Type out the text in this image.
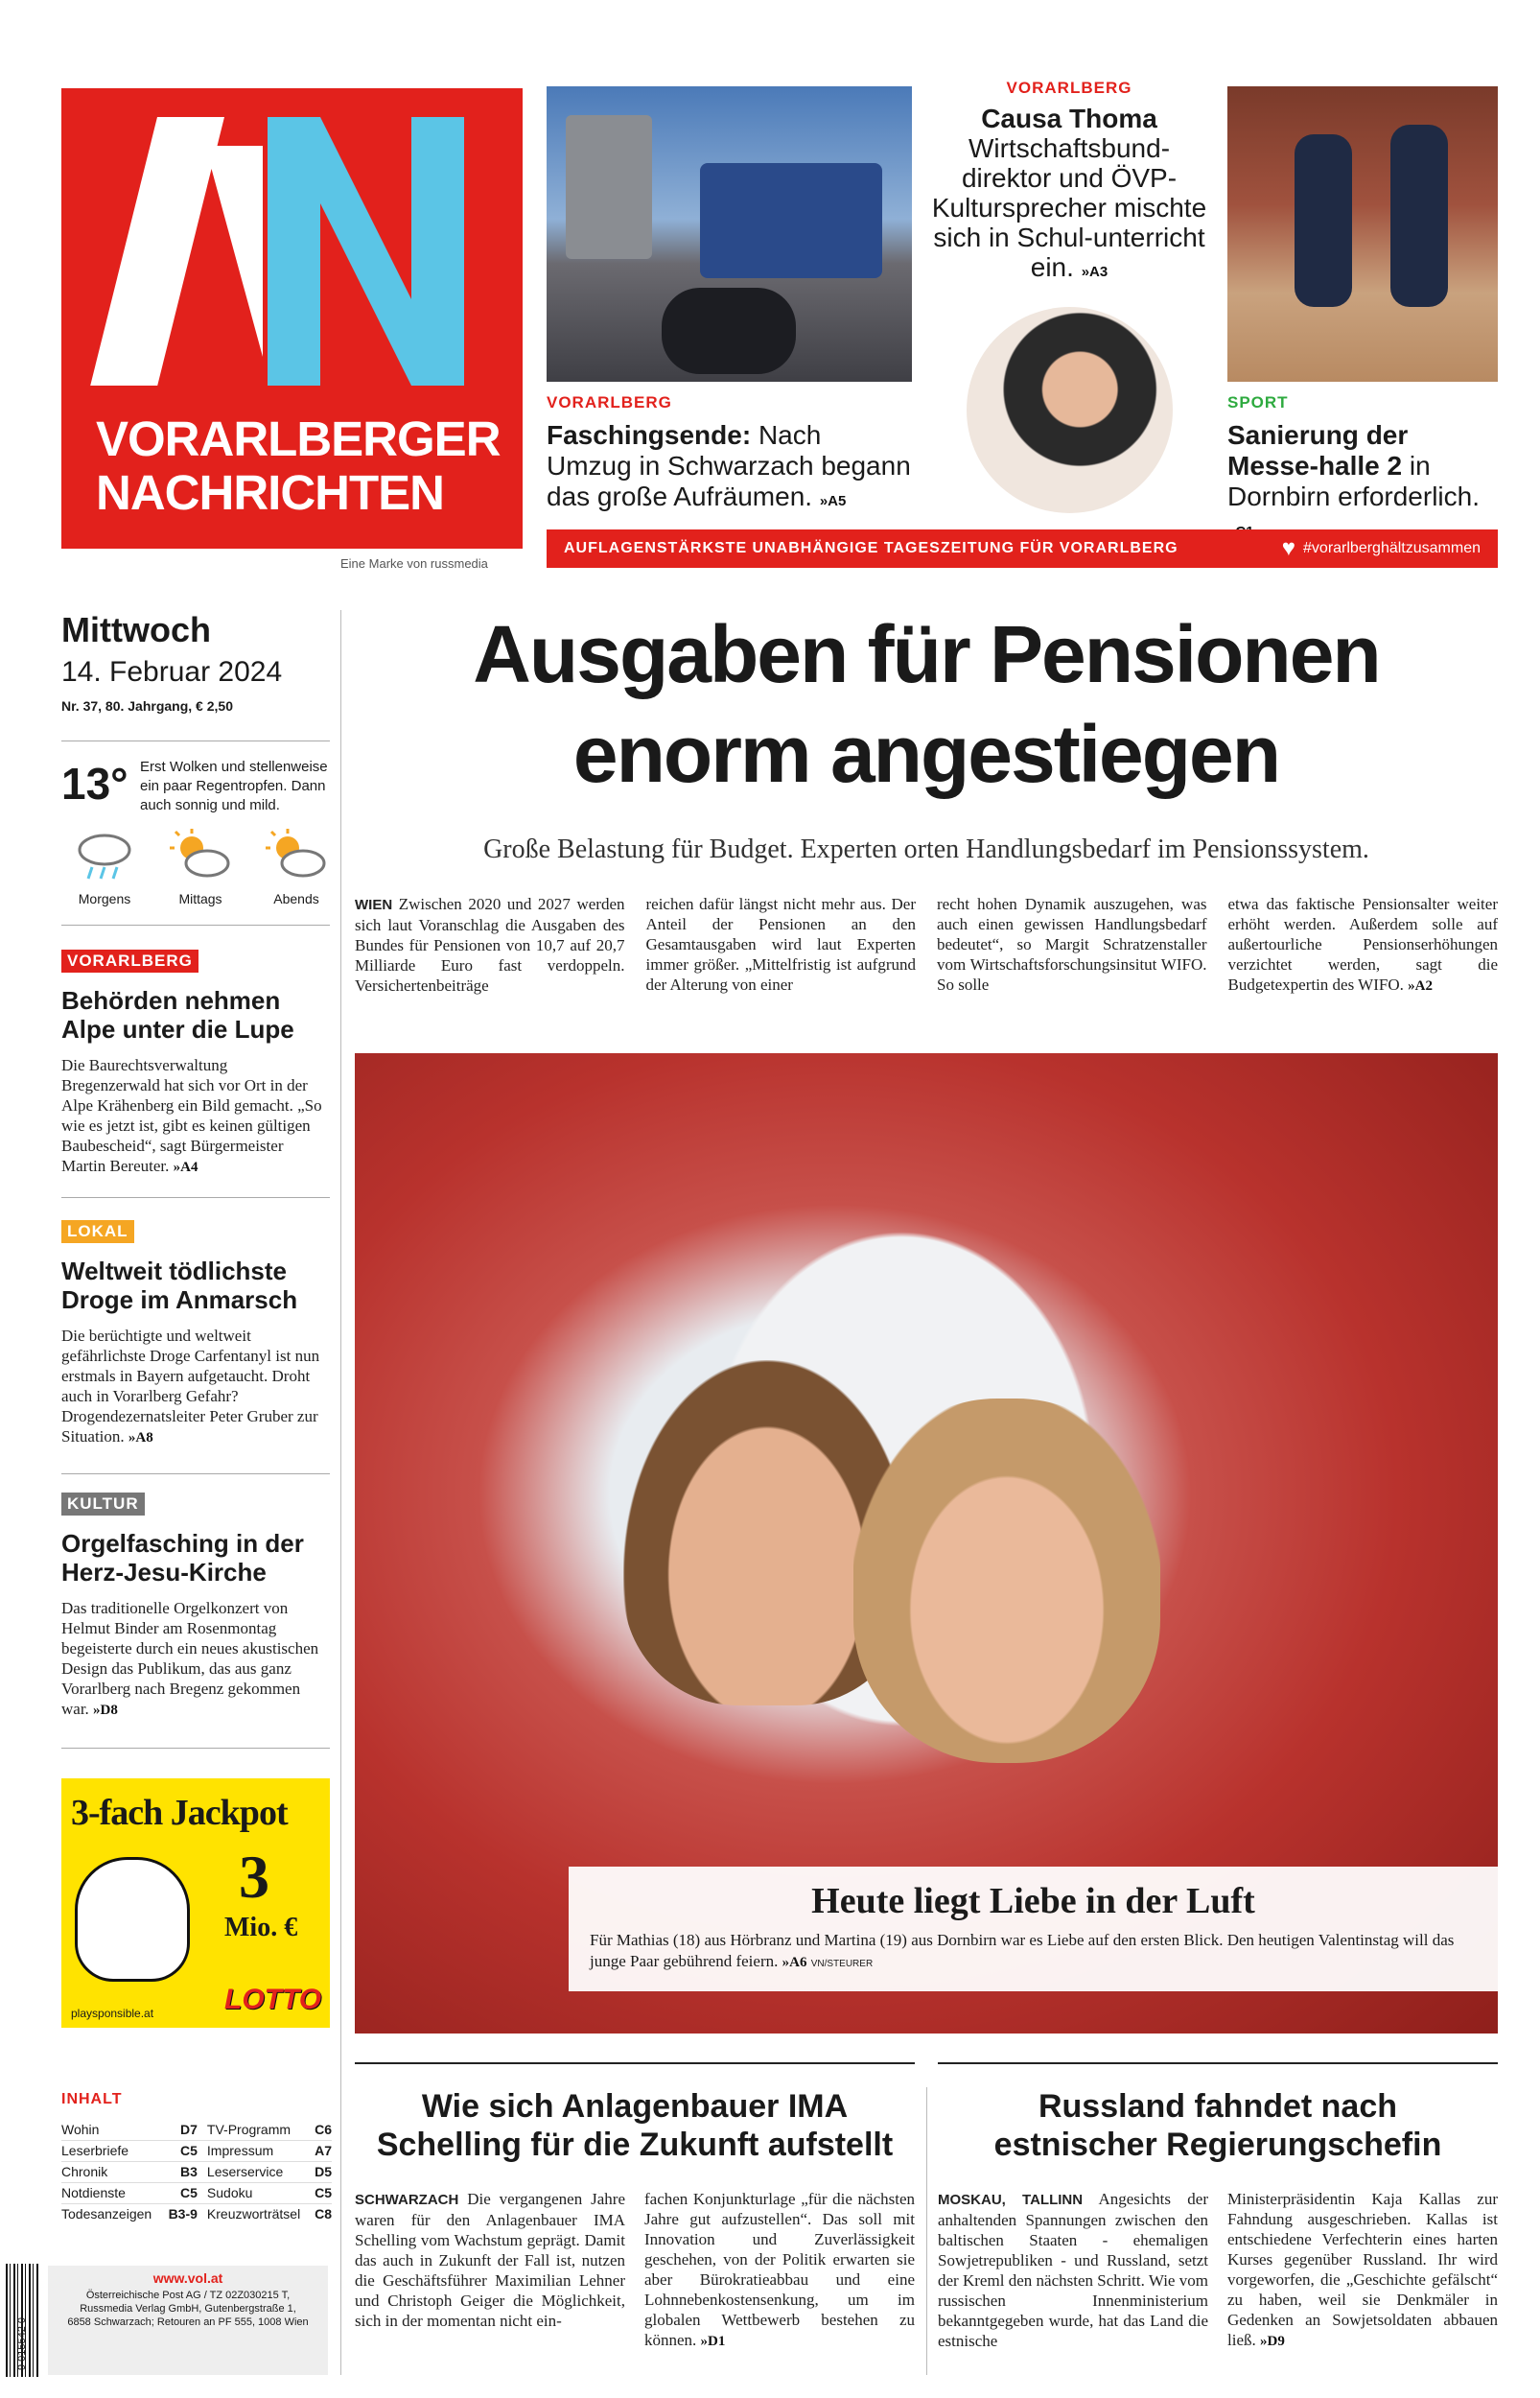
VORARLBERGER
NACHRICHTEN
Eine Marke von russmedia
VORARLBERG
Faschingsende: Nach Umzug in Schwarzach begann das große Aufräumen. »A5
VORARLBERG
Causa Thoma
Wirtschaftsbund-direktor und ÖVP-Kultursprecher mischte sich in Schul-unterricht ein. »A3
SPORT
Sanierung der Messe-halle 2 in Dornbirn erforderlich.
AUFLAGENSTÄRKSTE UNABHÄNGIGE TAGESZEITUNG FÜR VORARLBERG	♥ #vorarlberghältzusammen
Mittwoch
14. Februar 2024
Nr. 37, 80. Jahrgang, € 2,50
13° Erst Wolken und stellenweise ein paar Regentropfen. Dann auch sonnig und mild.
Morgens	Mittags	Abends
VORARLBERG
Behörden nehmen Alpe unter die Lupe
Die Baurechtsverwaltung Bregenzerwald hat sich vor Ort in der Alpe Krähenberg ein Bild gemacht. „So wie es jetzt ist, gibt es keinen gültigen Baubescheid“, sagt Bürgermeister Martin Bereuter. »A4
LOKAL
Weltweit tödlichste Droge im Anmarsch
Die berüchtigte und weltweit gefährlichste Droge Carfentanyl ist nun erstmals in Bayern aufgetaucht. Droht auch in Vorarlberg Gefahr? Drogendezernatsleiter Peter Gruber zur Situation. »A8
KULTUR
Orgelfasching in der Herz-Jesu-Kirche
Das traditionelle Orgelkonzert von Helmut Binder am Rosenmontag begeisterte durch ein neues akustischen Design das Publikum, das aus ganz Vorarlberg nach Bregenz gekommen war. »D8
3-fach Jackpot
3
Mio. €
playsponsible.at LOTTO
INHALT
Wohin	D7	TV-Programm	C6
Leserbriefe	C5	Impressum	A7
Chronik	B3	Leserservice	D5
Notdienste	C5	Sudoku	C5
Todesanzeigen	B3-9	Kreuzworträtsel	C8
9 015542 0
www.vol.at
Österreichische Post AG / TZ 02Z030215 T,
Russmedia Verlag GmbH, Gutenbergstraße 1,
6858 Schwarzach; Retouren an PF 555, 1008 Wien
Ausgaben für Pensionen
enorm angestiegen
Große Belastung für Budget. Experten orten Handlungsbedarf im Pensionssystem.
WIEN Zwischen 2020 und 2027 werden sich laut Voranschlag die Ausgaben des Bundes für Pensionen von 10,7 auf 20,7 Milliarde Euro fast verdoppeln. Versichertenbeiträge
reichen dafür längst nicht mehr aus. Der Anteil der Pensionen an den Gesamtausgaben wird laut Experten immer größer. „Mittelfristig ist aufgrund der Alterung von einer
recht hohen Dynamik auszugehen, was auch einen gewissen Handlungsbedarf bedeutet“, so Margit Schratzenstaller vom Wirtschaftsforschungsinsitut WIFO. So solle
etwa das faktische Pensionsalter weiter erhöht werden. Außerdem solle auf außertourliche Pensionserhöhungen verzichtet werden, sagt die Budgetexpertin des WIFO. »A2
Heute liegt Liebe in der Luft
Für Mathias (18) aus Hörbranz und Martina (19) aus Dornbirn war es Liebe auf den ersten Blick. Den heutigen Valentinstag will das junge Paar gebührend feiern. »A6 VN/STEURER
Wie sich Anlagenbauer IMA
Schelling für die Zukunft aufstellt
SCHWARZACH Die vergangenen Jahre waren für den Anlagenbauer IMA Schelling vom Wachstum geprägt. Damit das auch in Zukunft der Fall ist, nutzen die Geschäftsführer Maximilian Lehner und Christoph Geiger die Möglichkeit, sich in der momentan nicht ein-
fachen Konjunkturlage „für die nächsten Jahre gut aufzustellen“. Das soll mit Innovation und Zuverlässigkeit geschehen, von der Politik erwarten sie aber Bürokratieabbau und eine Lohnnebenkostensenkung, um im globalen Wettbewerb bestehen zu können. »D1
Russland fahndet nach
estnischer Regierungschefin
MOSKAU, TALLINN Angesichts der anhaltenden Spannungen zwischen den baltischen Staaten - ehemaligen Sowjetrepubliken - und Russland, setzt der Kreml den nächsten Schritt. Wie vom russischen Innenministerium bekanntgegeben wurde, hat das Land die estnische
Ministerpräsidentin Kaja Kallas zur Fahndung ausgeschrieben. Kallas ist entschiedene Verfechterin eines harten Kurses gegenüber Russland. Ihr wird vorgeworfen, die „Geschichte gefälscht“ zu haben, weil sie Denkmäler in Gedenken an Sowjetsoldaten abbauen ließ. »D9
